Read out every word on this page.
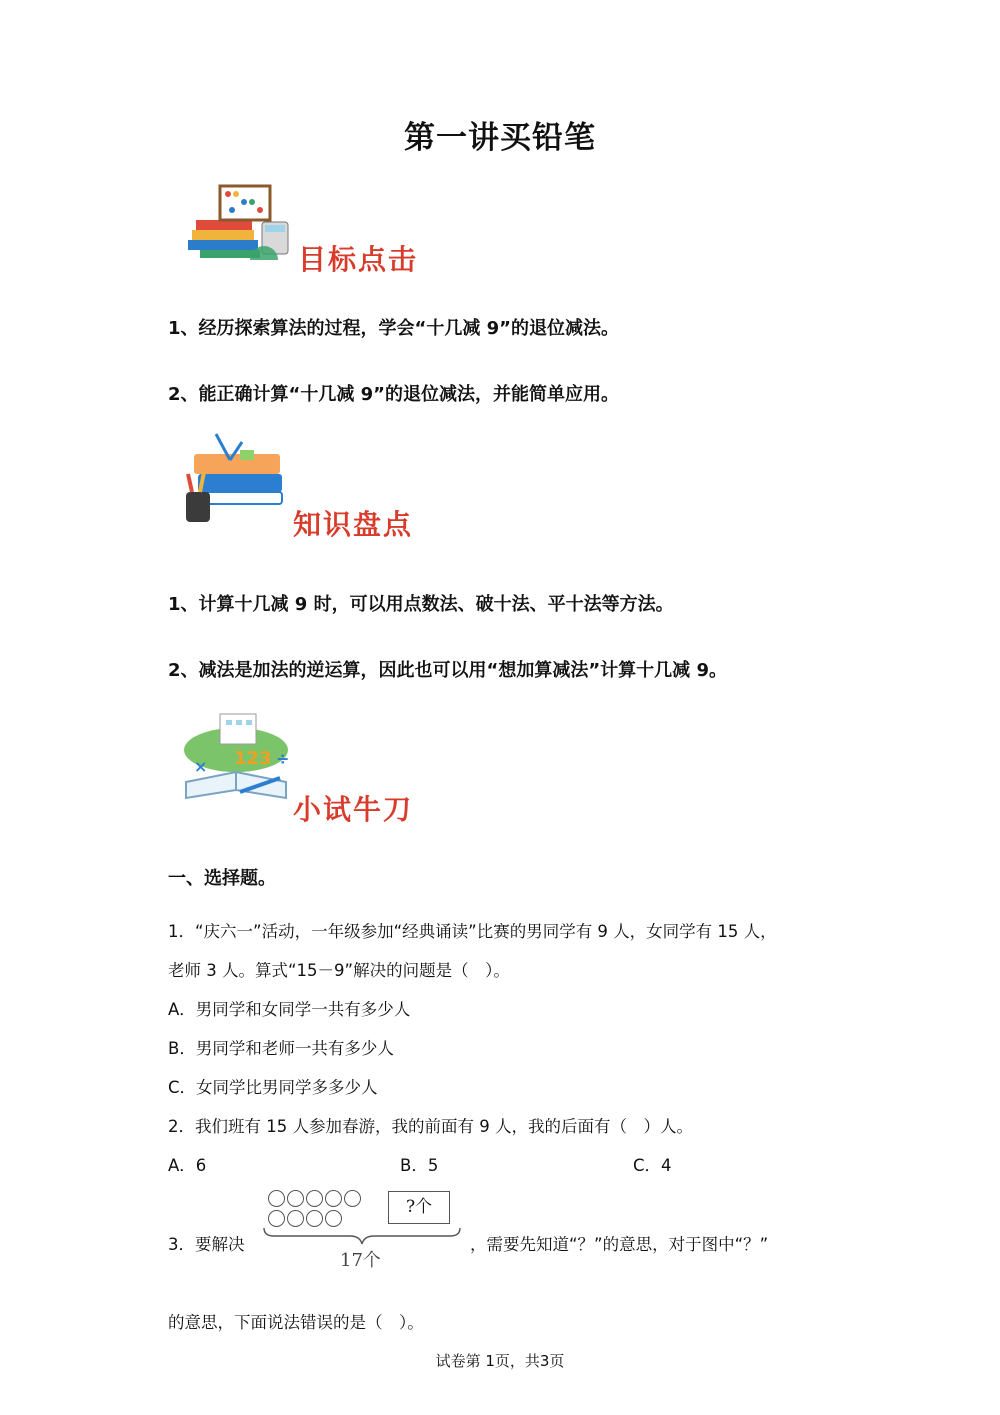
第一讲买铅笔
目标点击
1、经历探索算法的过程，学会“十几减 9”的退位减法。
2、能正确计算“十几减 9”的退位减法，并能简单应用。
知识盘点
1、计算十几减 9 时，可以用点数法、破十法、平十法等方法。
2、减法是加法的逆运算，因此也可以用“想加算减法”计算十几减 9。
123
×	÷
小试牛刀
一、选择题。
1．“庆六一”活动，一年级参加“经典诵读”比赛的男同学有 9 人，女同学有 15 人，
老师 3 人。算式“15－9”解决的问题是（　）。
A．男同学和女同学一共有多少人
B．男同学和老师一共有多少人
C．女同学比男同学多多少人
2．我们班有 15 人参加春游，我的前面有 9 人，我的后面有（　）人。
A．6	B．5	C．4
3．要解决
?个
17个
，需要先知道“？”的意思，对于图中“？”
的意思，下面说法错误的是（　）。
试卷第 1页，共3页
